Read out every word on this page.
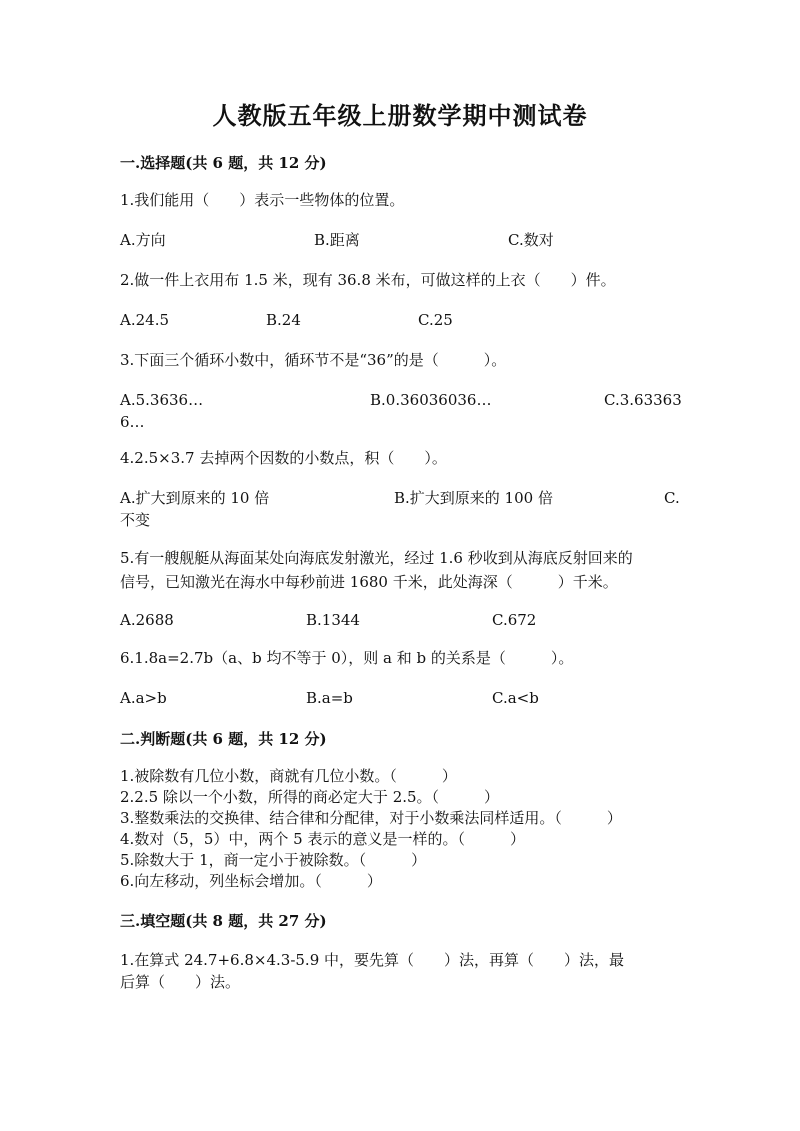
人教版五年级上册数学期中测试卷
一.选择题(共 6 题，共 12 分)
1.我们能用（　　）表示一些物体的位置。
A.方向	B.距离	C.数对
2.做一件上衣用布 1.5 米，现有 36.8 米布，可做这样的上衣（　　）件。
A.24.5	B.24	C.25
3.下面三个循环小数中，循环节不是“36”的是（　　　）。
A.5.3636…	B.0.36036036…	C.3.63363
6…
4.2.5×3.7 去掉两个因数的小数点，积（　　）。
A.扩大到原来的 10 倍	B.扩大到原来的 100 倍	C.
不变
5.有一艘舰艇从海面某处向海底发射激光，经过 1.6 秒收到从海底反射回来的
信号，已知激光在海水中每秒前进 1680 千米，此处海深（　　　）千米。
A.2688	B.1344	C.672
6.1.8a=2.7b（a、b 均不等于 0），则 a 和 b 的关系是（　　　）。
A.a>b	B.a=b	C.a<b
二.判断题(共 6 题，共 12 分)
1.被除数有几位小数，商就有几位小数。（　　　）
2.2.5 除以一个小数，所得的商必定大于 2.5。（　　　）
3.整数乘法的交换律、结合律和分配律，对于小数乘法同样适用。（　　　）
4.数对（5，5）中，两个 5 表示的意义是一样的。（　　　）
5.除数大于 1，商一定小于被除数。（　　　）
6.向左移动，列坐标会增加。（　　　）
三.填空题(共 8 题，共 27 分)
1.在算式 24.7+6.8×4.3-5.9 中，要先算（　　）法，再算（　　）法，最
后算（　　）法。
